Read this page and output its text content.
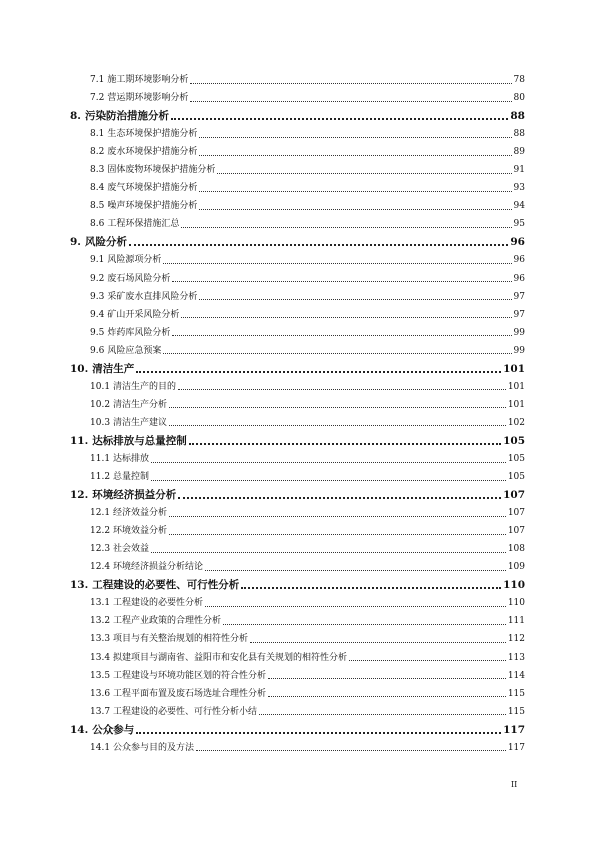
7.1 施工期环境影响分析	78
7.2 营运期环境影响分析	80
8. 污染防治措施分析	88
8.1 生态环境保护措施分析	88
8.2 废水环境保护措施分析	89
8.3 固体废物环境保护措施分析	91
8.4 废气环境保护措施分析	93
8.5 噪声环境保护措施分析	94
8.6 工程环保措施汇总	95
9. 风险分析	96
9.1 风险源项分析	96
9.2 废石场风险分析	96
9.3 采矿废水直排风险分析	97
9.4 矿山开采风险分析	97
9.5 炸药库风险分析	99
9.6 风险应急预案	99
10. 清洁生产	101
10.1 清洁生产的目的	101
10.2 清洁生产分析	101
10.3 清洁生产建议	102
11. 达标排放与总量控制	105
11.1 达标排放	105
11.2 总量控制	105
12. 环境经济损益分析	107
12.1 经济效益分析	107
12.2 环境效益分析	107
12.3 社会效益	108
12.4 环境经济损益分析结论	109
13. 工程建设的必要性、可行性分析	110
13.1 工程建设的必要性分析	110
13.2 工程产业政策的合理性分析	111
13.3 项目与有关整治规划的相符性分析	112
13.4 拟建项目与湖南省、益阳市和安化县有关规划的相符性分析	113
13.5 工程建设与环境功能区划的符合性分析	114
13.6 工程平面布置及废石场选址合理性分析	115
13.7 工程建设的必要性、可行性分析小结	115
14. 公众参与	117
14.1 公众参与目的及方法	117
II
